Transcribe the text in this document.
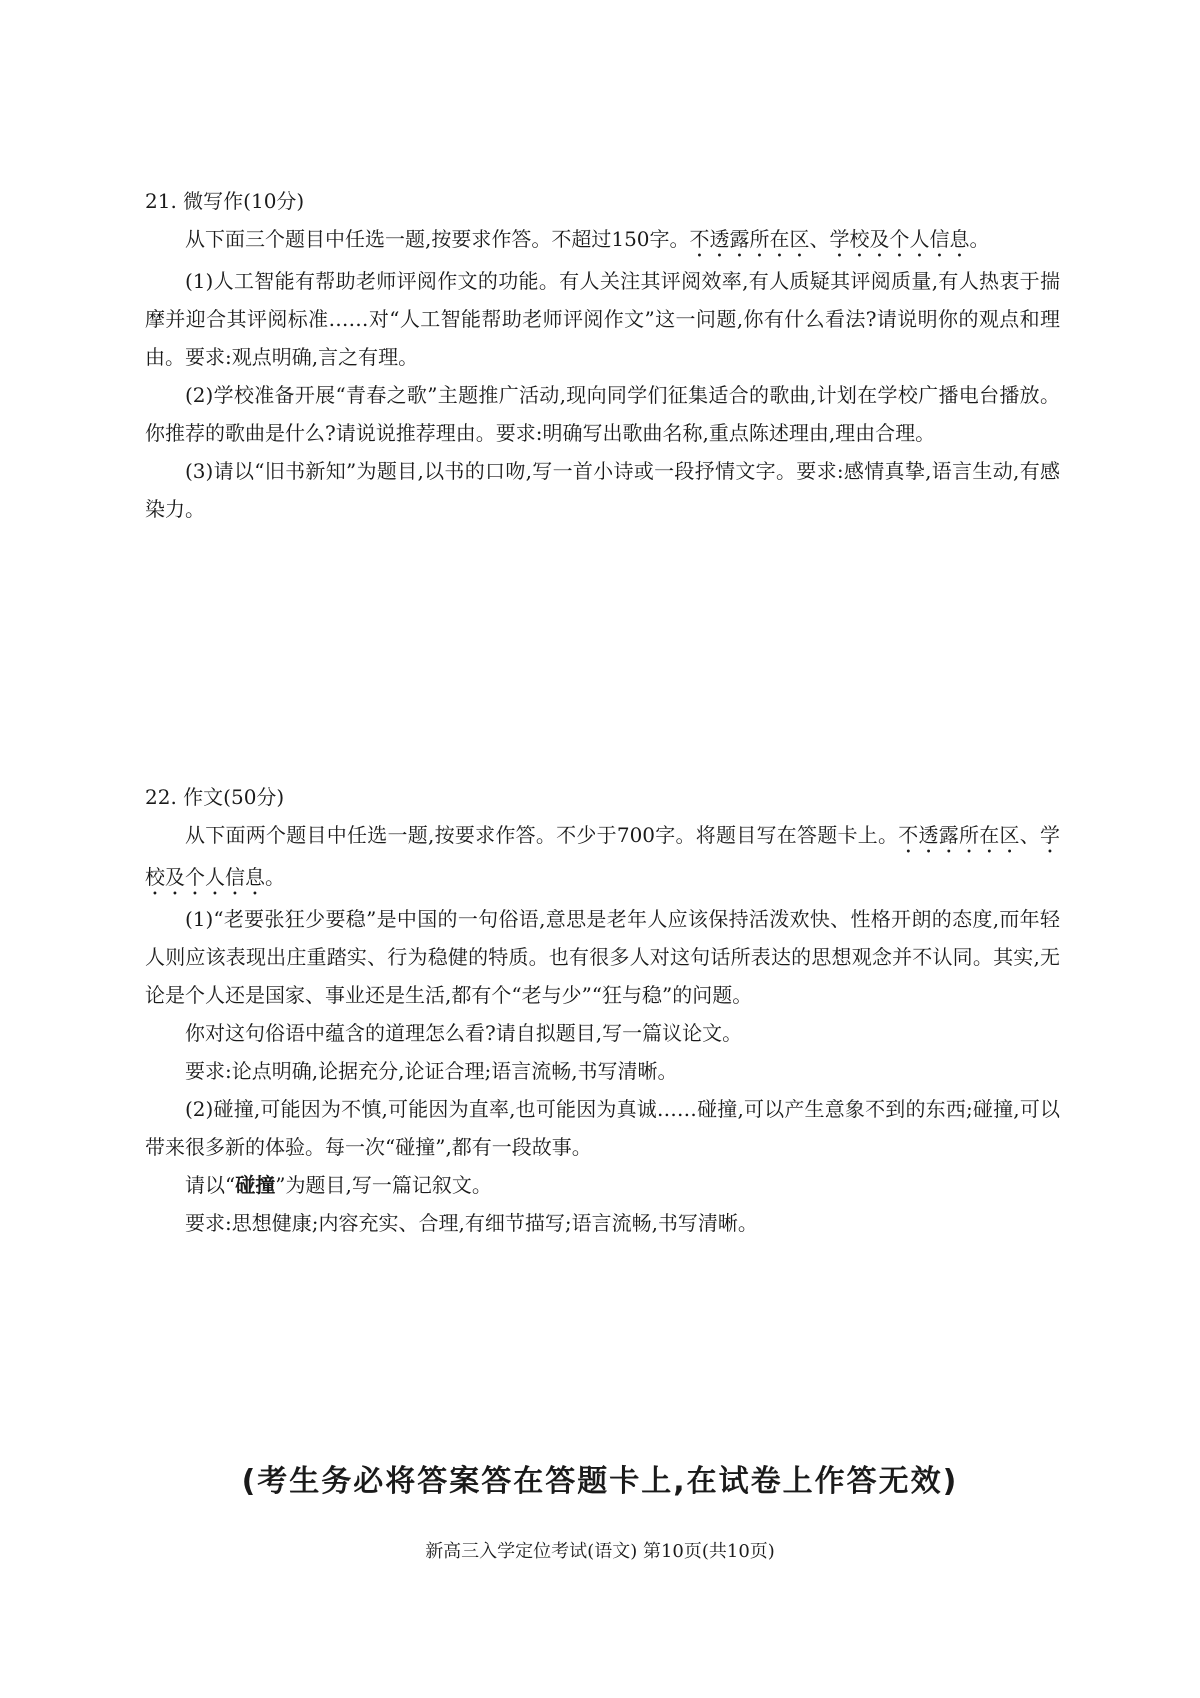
21. 微写作(10分)

从下面三个题目中任选一题,按要求作答。不超过150字。不透露所在区、学校及个人信息。

(1)人工智能有帮助老师评阅作文的功能。有人关注其评阅效率,有人质疑其评阅质量,有人热衷于揣摩并迎合其评阅标准……对“人工智能帮助老师评阅作文”这一问题,你有什么看法?请说明你的观点和理由。要求:观点明确,言之有理。

(2)学校准备开展“青春之歌”主题推广活动,现向同学们征集适合的歌曲,计划在学校广播电台播放。你推荐的歌曲是什么?请说说推荐理由。要求:明确写出歌曲名称,重点陈述理由,理由合理。

(3)请以“旧书新知”为题目,以书的口吻,写一首小诗或一段抒情文字。要求:感情真挚,语言生动,有感染力。

22. 作文(50分)

从下面两个题目中任选一题,按要求作答。不少于700字。将题目写在答题卡上。不透露所在区、学校及个人信息。

(1)“老要张狂少要稳”是中国的一句俗语,意思是老年人应该保持活泼欢快、性格开朗的态度,而年轻人则应该表现出庄重踏实、行为稳健的特质。也有很多人对这句话所表达的思想观念并不认同。其实,无论是个人还是国家、事业还是生活,都有个“老与少”“狂与稳”的问题。

你对这句俗语中蕴含的道理怎么看?请自拟题目,写一篇议论文。

要求:论点明确,论据充分,论证合理;语言流畅,书写清晰。

(2)碰撞,可能因为不慎,可能因为直率,也可能因为真诚……碰撞,可以产生意象不到的东西;碰撞,可以带来很多新的体验。每一次“碰撞”,都有一段故事。

请以“碰撞”为题目,写一篇记叙文。

要求:思想健康;内容充实、合理,有细节描写;语言流畅,书写清晰。

(考生务必将答案答在答题卡上,在试卷上作答无效)
新高三入学定位考试(语文) 第10页(共10页)
